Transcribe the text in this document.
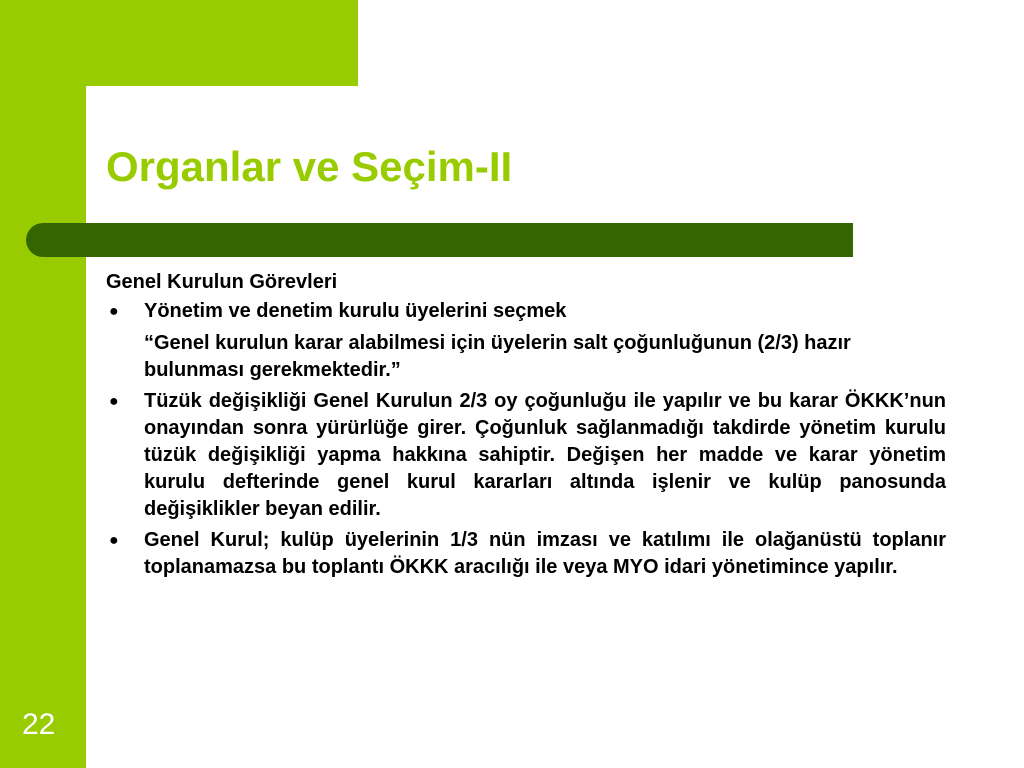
Organlar ve Seçim-II

Genel Kurulun Görevleri

● Yönetim ve denetim kurulu üyelerini seçmek
“Genel kurulun karar alabilmesi için üyelerin salt çoğunluğunun (2/3) hazır bulunması gerekmektedir.”
● Tüzük değişikliği Genel Kurulun 2/3 oy çoğunluğu ile yapılır ve bu karar ÖKKK’nun onayından sonra yürürlüğe girer. Çoğunluk sağlanmadığı takdirde yönetim kurulu tüzük değişikliği yapma hakkına sahiptir. Değişen her madde ve karar yönetim kurulu defterinde genel kurul kararları altında işlenir ve kulüp panosunda değişiklikler beyan edilir.
● Genel Kurul; kulüp üyelerinin 1/3 nün imzası ve katılımı ile olağanüstü toplanır toplanamazsa bu toplantı ÖKKK aracılığı ile veya MYO idari yönetimince yapılır.
22
